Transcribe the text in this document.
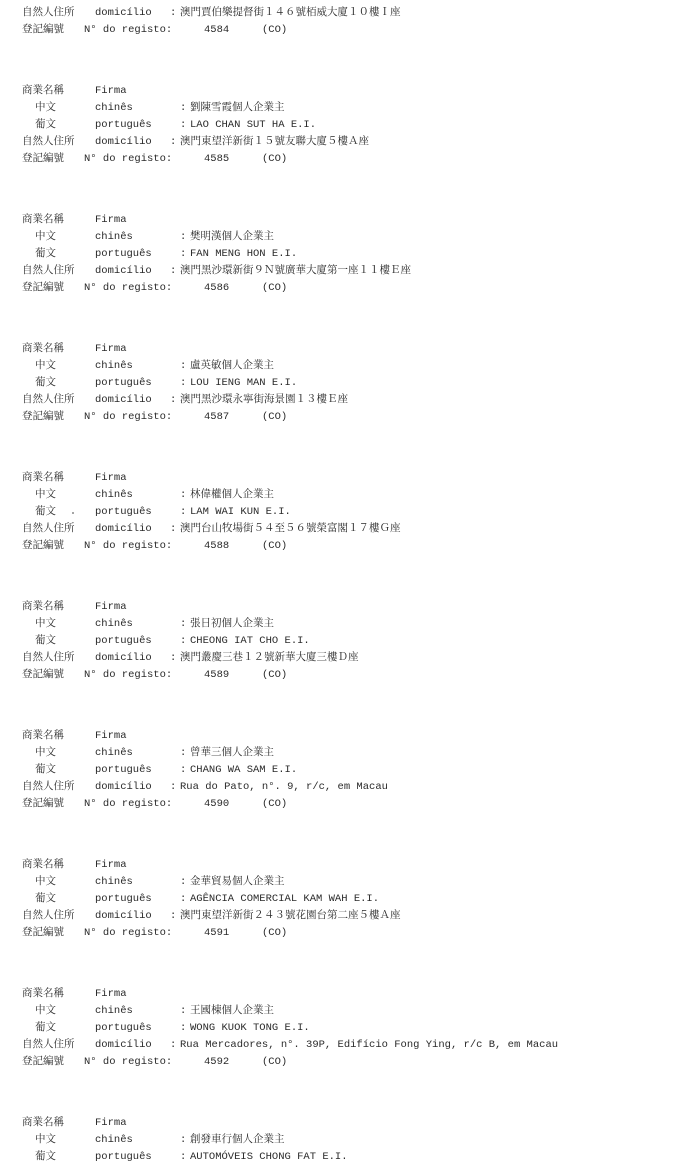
自然人住所	domicílio	: 澳門賈伯樂提督街１４６號栢威大廈１０樓Ｉ座
登記編號	N° do registo:	4584	(CO)
商業名稱	Firma
中文	chinês	: 劉陳雪霞個人企業主
葡文	português	: LAO CHAN SUT HA E.I.
自然人住所	domicílio	: 澳門東望洋新街１５號友聯大廈５樓Ａ座
登記編號	N° do registo:	4585	(CO)
商業名稱	Firma
中文	chinês	: 樊明漢個人企業主
葡文	português	: FAN MENG HON E.I.
自然人住所	domicílio	: 澳門黑沙環新街９Ｎ號廣華大廈第一座１１樓Ｅ座
登記編號	N° do registo:	4586	(CO)
商業名稱	Firma
中文	chinês	: 盧英敏個人企業主
葡文	português	: LOU IENG MAN E.I.
自然人住所	domicílio	: 澳門黑沙環永寧街海景園１３樓Ｅ座
登記編號	N° do registo:	4587	(CO)
商業名稱	Firma
中文	chinês	: 林偉權個人企業主
葡文	português	: LAM WAI KUN E.I.
自然人住所	domicílio	: 澳門台山牧場街５４至５６號榮富閣１７樓Ｇ座
登記編號	N° do registo:	4588	(CO)
商業名稱	Firma
中文	chinês	: 張日初個人企業主
葡文	português	: CHEONG IAT CHO E.I.
自然人住所	domicílio	: 澳門叢慶三巷１２號新華大廈三樓Ｄ座
登記編號	N° do registo:	4589	(CO)
商業名稱	Firma
中文	chinês	: 曾華三個人企業主
葡文	português	: CHANG WA SAM E.I.
自然人住所	domicílio	: Rua do Pato, n°. 9, r/c, em Macau
登記編號	N° do registo:	4590	(CO)
商業名稱	Firma
中文	chinês	: 金華貿易個人企業主
葡文	português	: AGÊNCIA COMERCIAL KAM WAH E.I.
自然人住所	domicílio	: 澳門東望洋新街２４３號花園台第二座５樓Ａ座
登記編號	N° do registo:	4591	(CO)
商業名稱	Firma
中文	chinês	: 王國棟個人企業主
葡文	português	: WONG KUOK TONG E.I.
自然人住所	domicílio	: Rua Mercadores, n°. 39P, Edifício Fong Ying, r/c B, em Macau
登記編號	N° do registo:	4592	(CO)
商業名稱	Firma
中文	chinês	: 創發車行個人企業主
葡文	português	: AUTOMÓVEIS CHONG FAT E.I.
